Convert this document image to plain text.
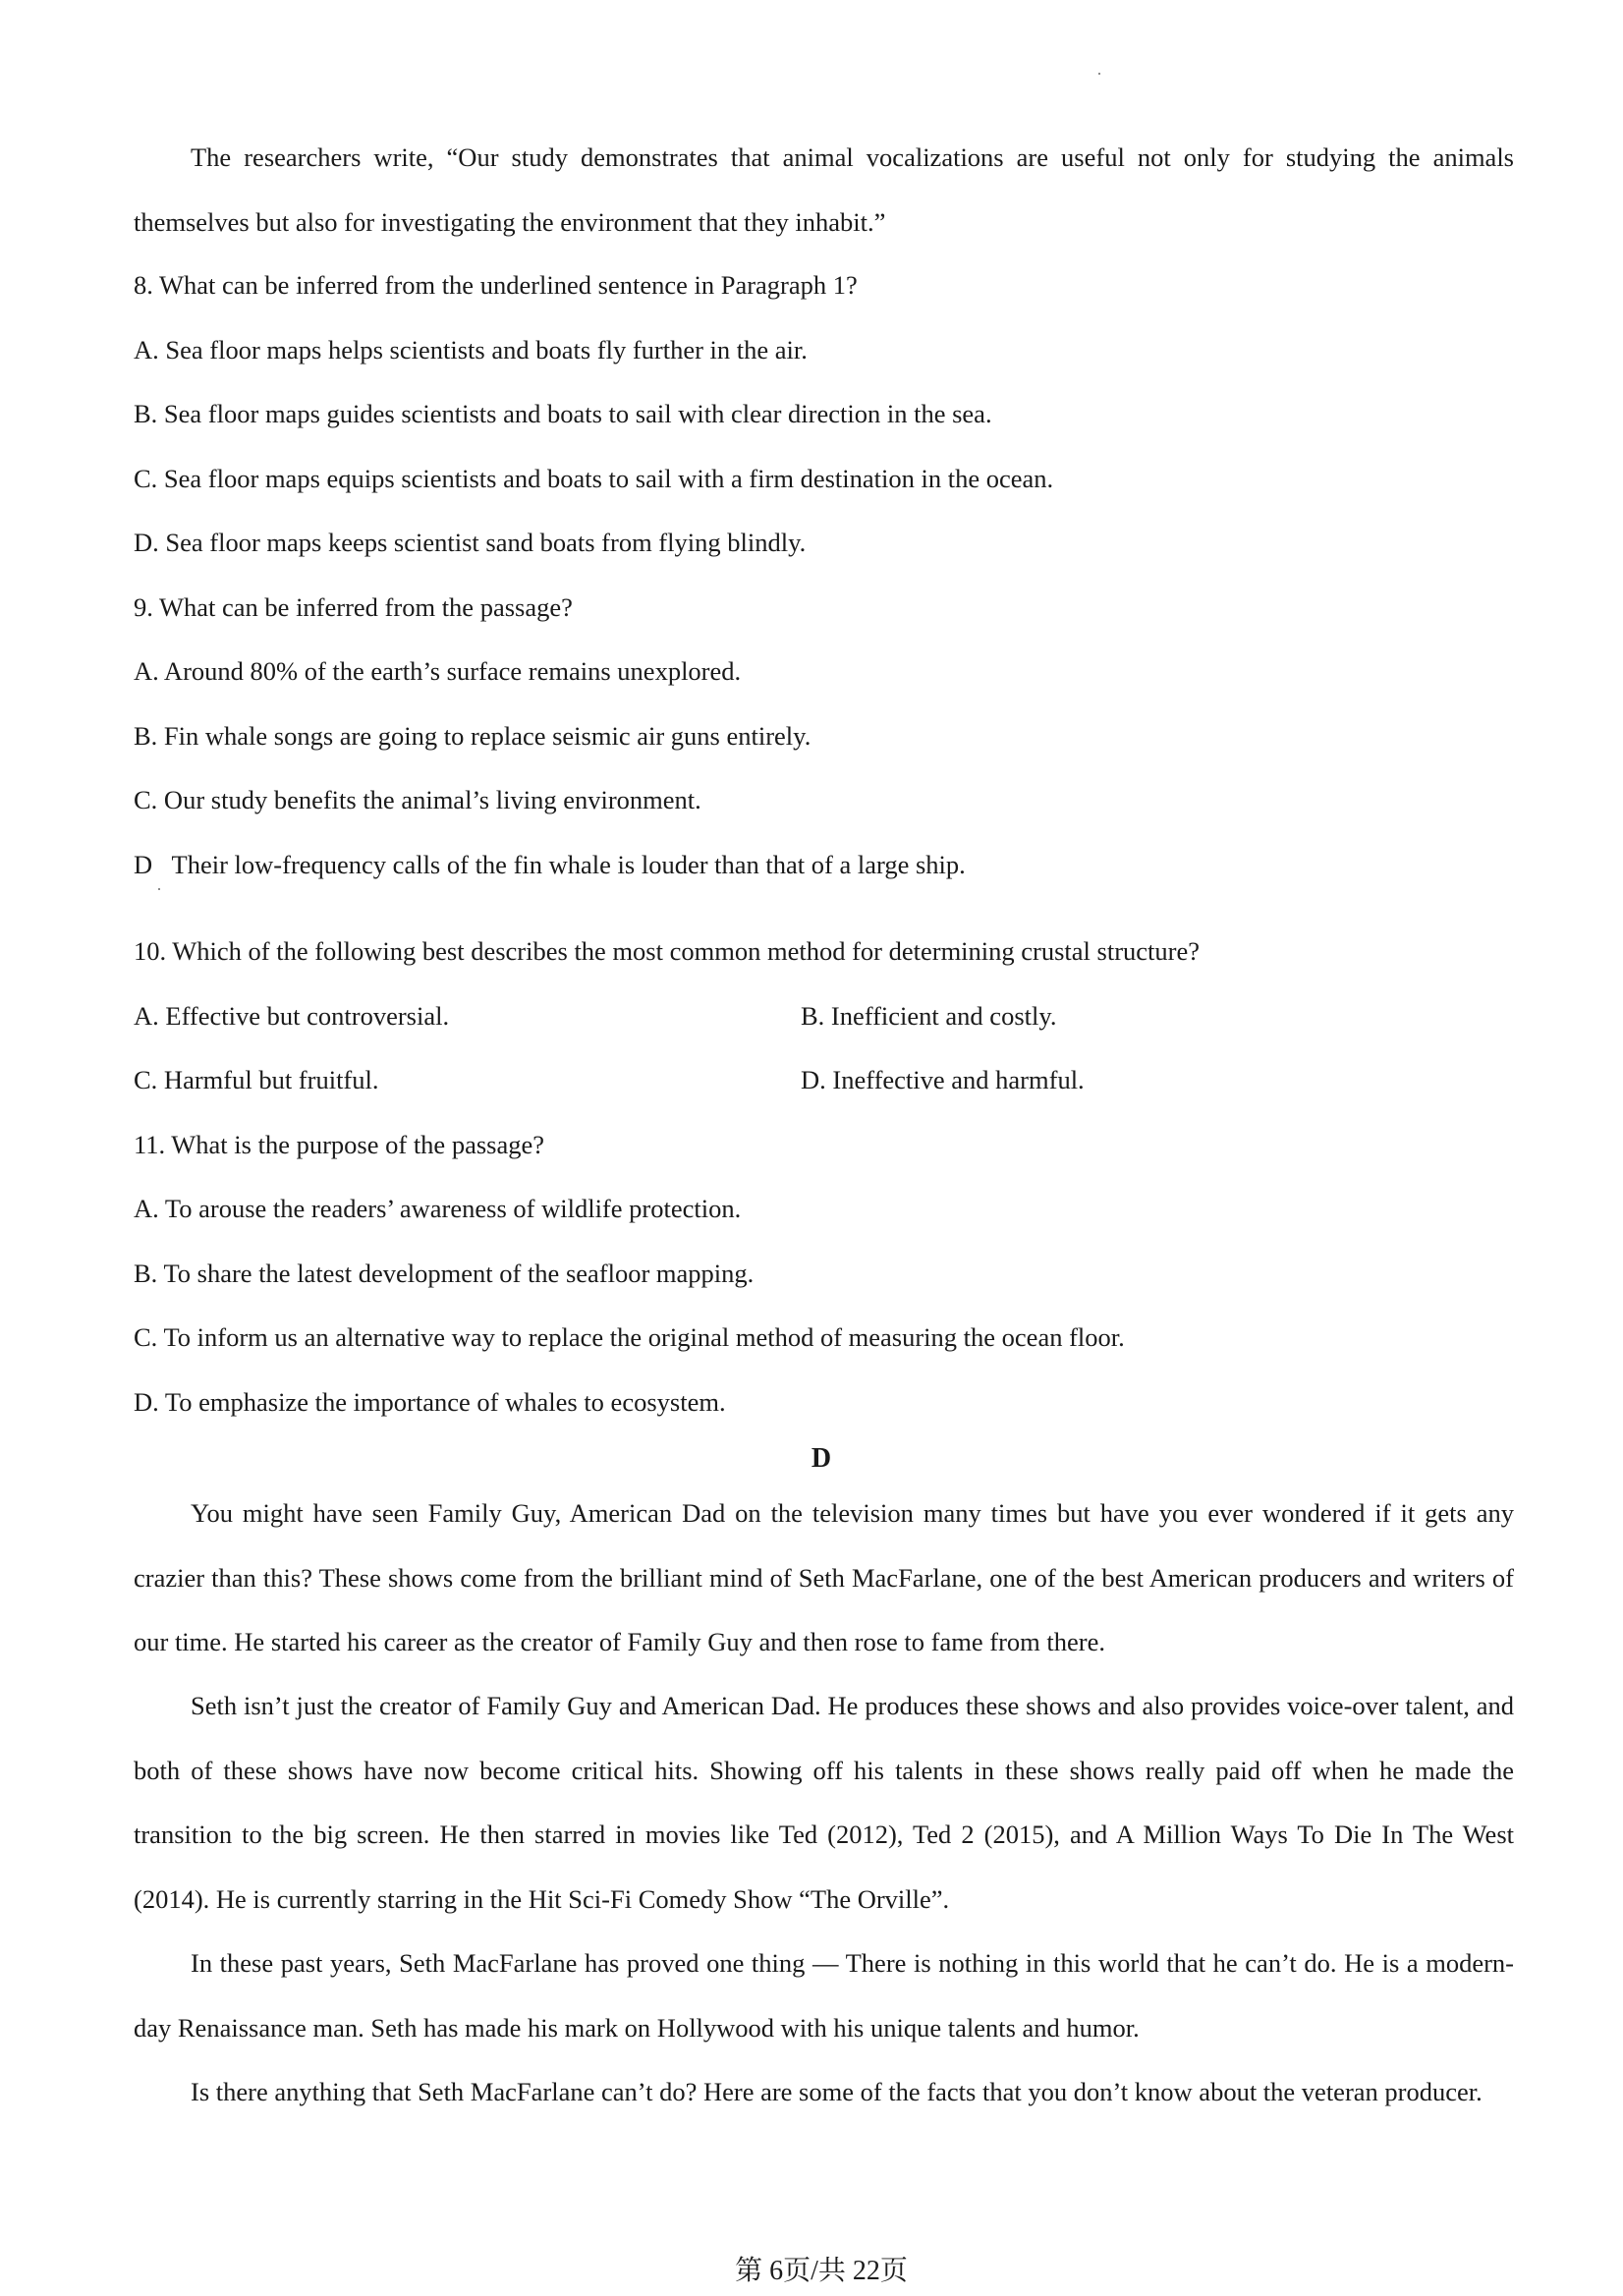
The researchers write, “Our study demonstrates that animal vocalizations are useful not only for studying the animals themselves but also for investigating the environment that they inhabit.”

8. What can be inferred from the underlined sentence in Paragraph 1?
A. Sea floor maps helps scientists and boats fly further in the air.
B. Sea floor maps guides scientists and boats to sail with clear direction in the sea.
C. Sea floor maps equips scientists and boats to sail with a firm destination in the ocean.
D. Sea floor maps keeps scientist sand boats from flying blindly.
9. What can be inferred from the passage?
A. Around 80% of the earth’s surface remains unexplored.
B. Fin whale songs are going to replace seismic air guns entirely.
C. Our study benefits the animal’s living environment.
D   Their low-frequency calls of the fin whale is louder than that of a large ship.
10. Which of the following best describes the most common method for determining crustal structure?
A. Effective but controversial.	B. Inefficient and costly.
C. Harmful but fruitful.	D. Ineffective and harmful.
11. What is the purpose of the passage?
A. To arouse the readers’ awareness of wildlife protection.
B. To share the latest development of the seafloor mapping.
C. To inform us an alternative way to replace the original method of measuring the ocean floor.
D. To emphasize the importance of whales to ecosystem.
D

You might have seen Family Guy, American Dad on the television many times but have you ever wondered if it gets any crazier than this? These shows come from the brilliant mind of Seth MacFarlane, one of the best American producers and writers of our time. He started his career as the creator of Family Guy and then rose to fame from there.

Seth isn’t just the creator of Family Guy and American Dad. He produces these shows and also provides voice-over talent, and both of these shows have now become critical hits. Showing off his talents in these shows really paid off when he made the transition to the big screen. He then starred in movies like Ted (2012), Ted 2 (2015), and A Million Ways To Die In The West (2014). He is currently starring in the Hit Sci-Fi Comedy Show “The Orville”.

In these past years, Seth MacFarlane has proved one thing — There is nothing in this world that he can’t do. He is a modern-day Renaissance man. Seth has made his mark on Hollywood with his unique talents and humor.

Is there anything that Seth MacFarlane can’t do? Here are some of the facts that you don’t know about the veteran producer.

第 6页/共 22页
